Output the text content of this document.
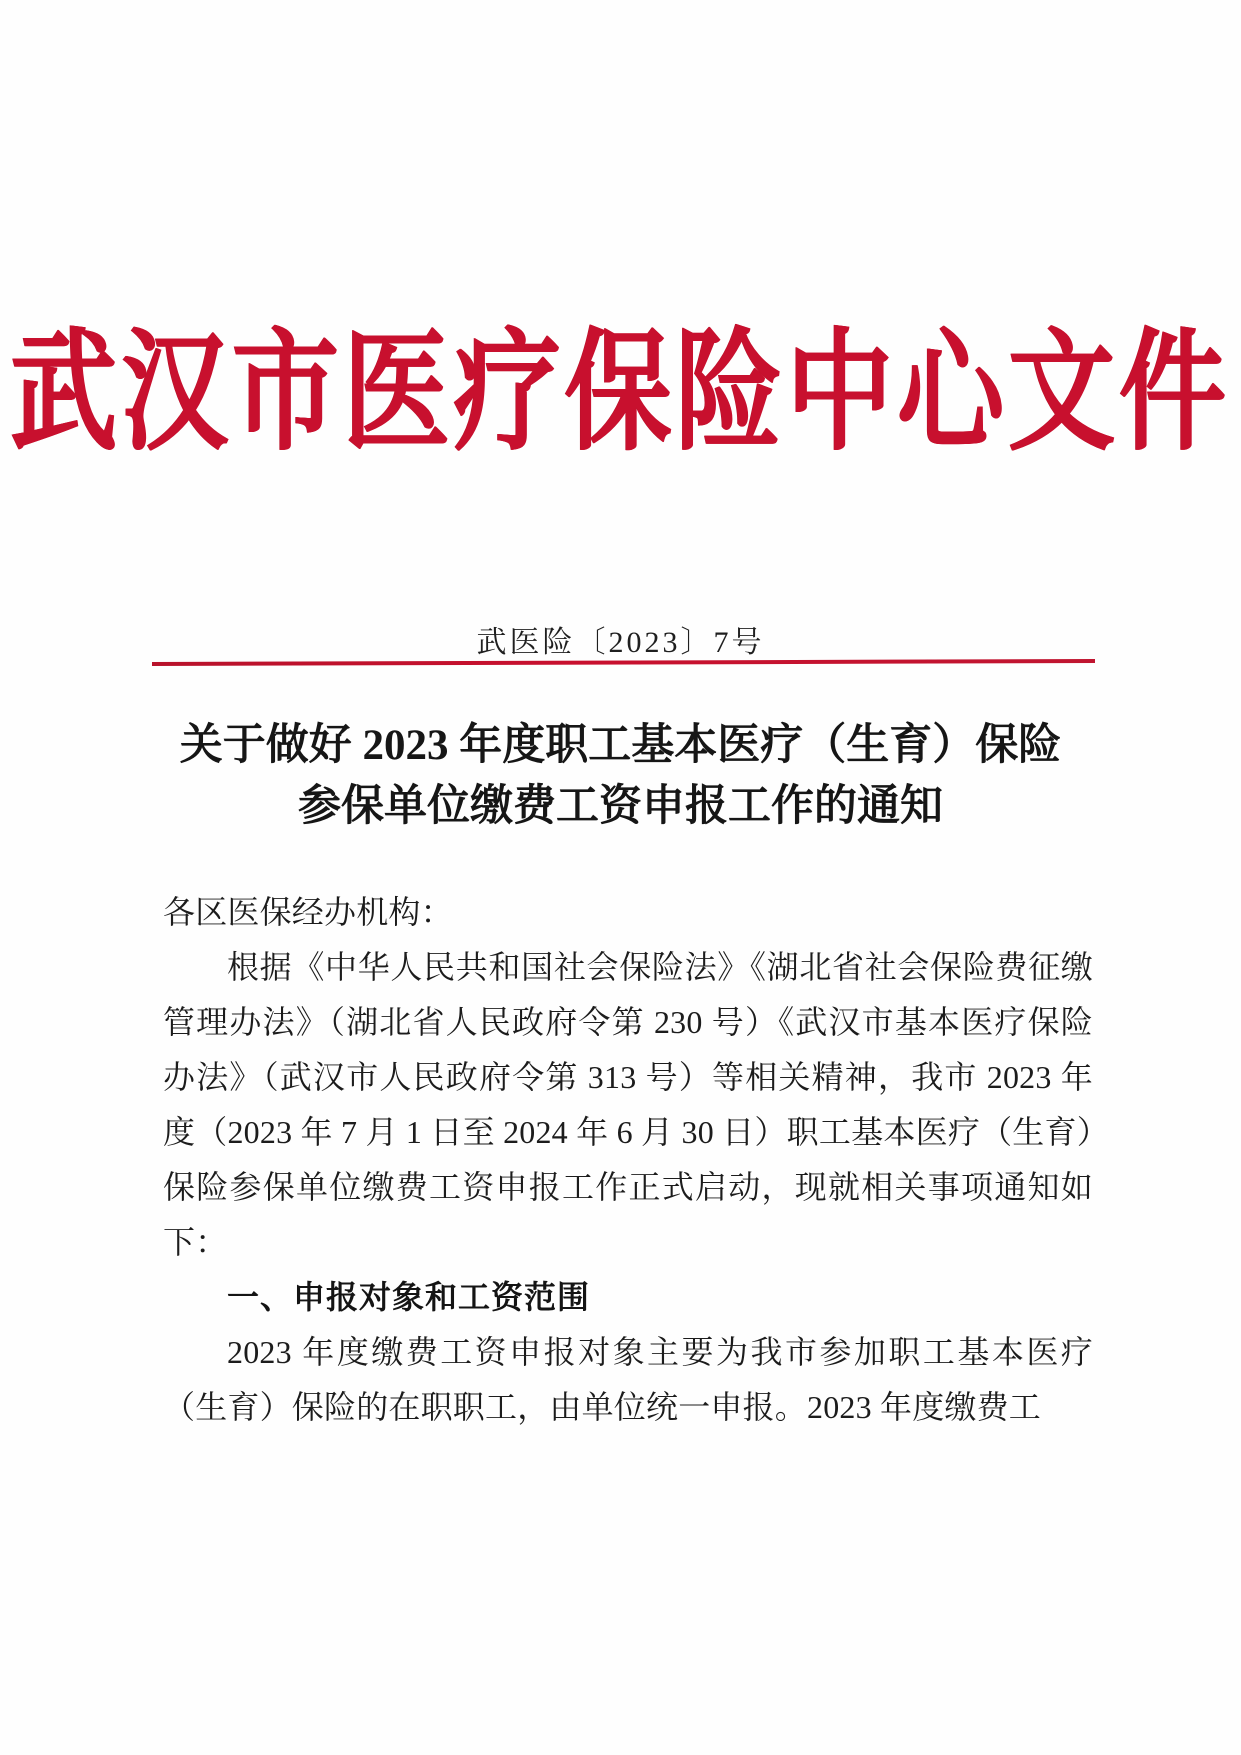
武汉市医疗保险中心文件
武医险〔2023〕7号
关于做好 2023 年度职工基本医疗（生育）保险
参保单位缴费工资申报工作的通知

各区医保经办机构：

根据《中华人民共和国社会保险法》《湖北省社会保险费征缴管理办法》（湖北省人民政府令第 230 号）《武汉市基本医疗保险办法》（武汉市人民政府令第 313 号）等相关精神，我市 2023 年度（2023 年 7 月 1 日至 2024 年 6 月 30 日）职工基本医疗（生育）保险参保单位缴费工资申报工作正式启动，现就相关事项通知如下：

一、申报对象和工资范围

2023 年度缴费工资申报对象主要为我市参加职工基本医疗（生育）保险的在职职工，由单位统一申报。2023 年度缴费工
